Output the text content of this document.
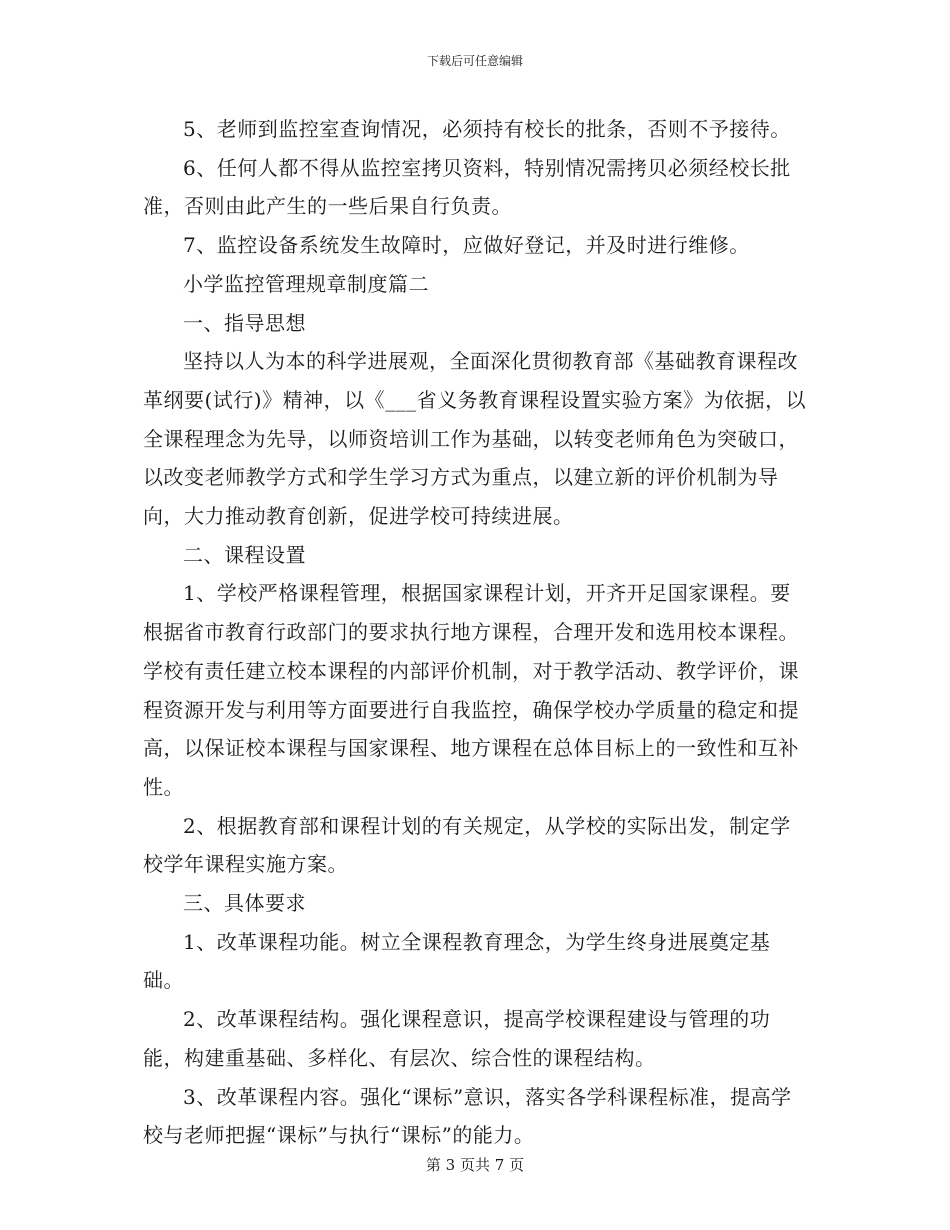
下载后可任意编辑

5、老师到监控室查询情况，必须持有校长的批条，否则不予接待。

6、任何人都不得从监控室拷贝资料，特别情况需拷贝必须经校长批准，否则由此产生的一些后果自行负责。

7、监控设备系统发生故障时，应做好登记，并及时进行维修。

小学监控管理规章制度篇二

一、指导思想

坚持以人为本的科学进展观，全面深化贯彻教育部《基础教育课程改革纲要(试行)》精神，以《___省义务教育课程设置实验方案》为依据，以全课程理念为先导，以师资培训工作为基础，以转变老师角色为突破口，以改变老师教学方式和学生学习方式为重点，以建立新的评价机制为导向，大力推动教育创新，促进学校可持续进展。

二、课程设置

1、学校严格课程管理，根据国家课程计划，开齐开足国家课程。要根据省市教育行政部门的要求执行地方课程，合理开发和选用校本课程。学校有责任建立校本课程的内部评价机制，对于教学活动、教学评价，课程资源开发与利用等方面要进行自我监控，确保学校办学质量的稳定和提高，以保证校本课程与国家课程、地方课程在总体目标上的一致性和互补性。

2、根据教育部和课程计划的有关规定，从学校的实际出发，制定学校学年课程实施方案。

三、具体要求

1、改革课程功能。树立全课程教育理念，为学生终身进展奠定基础。

2、改革课程结构。强化课程意识，提高学校课程建设与管理的功能，构建重基础、多样化、有层次、综合性的课程结构。

3、改革课程内容。强化“课标”意识，落实各学科课程标准，提高学校与老师把握“课标”与执行“课标”的能力。

第 3 页共 7 页
